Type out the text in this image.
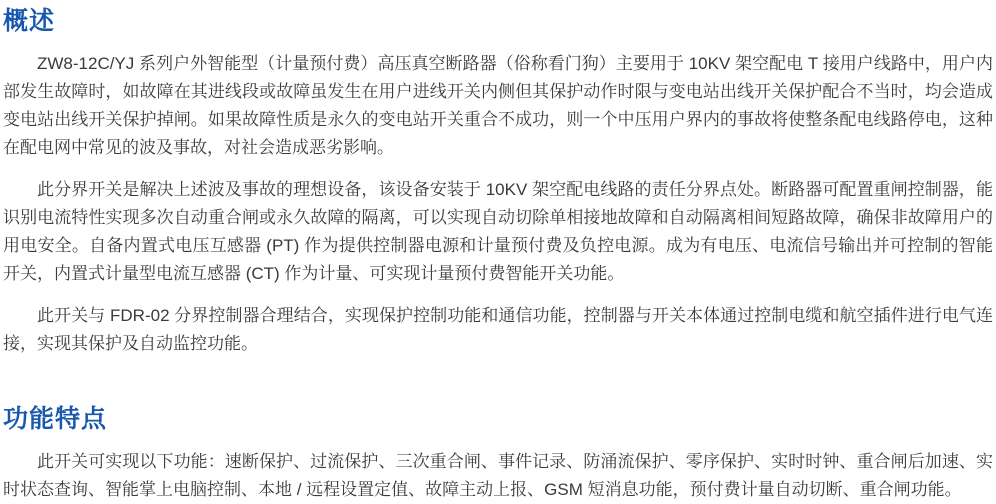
概述

ZW8-12C/YJ 系列户外智能型（计量预付费）高压真空断路器（俗称看门狗）主要用于 10KV 架空配电 T 接用户线路中，用户内部发生故障时，如故障在其进线段或故障虽发生在用户进线开关内侧但其保护动作时限与变电站出线开关保护配合不当时，均会造成变电站出线开关保护掉闸。如果故障性质是永久的变电站开关重合不成功，则一个中压用户界内的事故将使整条配电线路停电，这种在配电网中常见的波及事故，对社会造成恶劣影响。

此分界开关是解决上述波及事故的理想设备，该设备安装于 10KV 架空配电线路的责任分界点处。断路器可配置重闸控制器，能识别电流特性实现多次自动重合闸或永久故障的隔离，可以实现自动切除单相接地故障和自动隔离相间短路故障，确保非故障用户的用电安全。自备内置式电压互感器 (PT) 作为提供控制器电源和计量预付费及负控电源。成为有电压、电流信号输出并可控制的智能开关，内置式计量型电流互感器 (CT) 作为计量、可实现计量预付费智能开关功能。

此开关与 FDR-02 分界控制器合理结合，实现保护控制功能和通信功能，控制器与开关本体通过控制电缆和航空插件进行电气连接，实现其保护及自动监控功能。

功能特点

此开关可实现以下功能：速断保护、过流保护、三次重合闸、事件记录、防涌流保护、零序保护、实时时钟、重合闸后加速、实时状态查询、智能掌上电脑控制、本地 / 远程设置定值、故障主动上报、GSM 短消息功能，预付费计量自动切断、重合闸功能。
